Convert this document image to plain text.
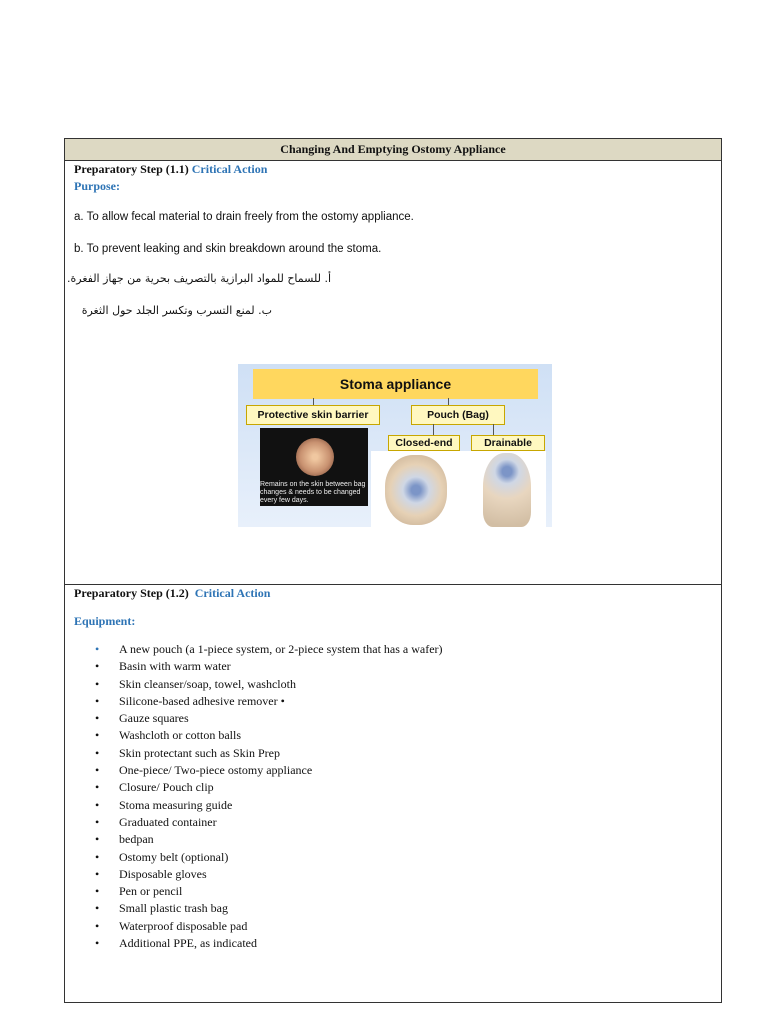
Changing And Emptying Ostomy Appliance
Preparatory Step (1.1) Critical Action
Purpose:
a. To allow fecal material to drain freely from the ostomy appliance.
b. To prevent leaking and skin breakdown around the stoma.
أ. للسماح للمواد البرازية بالتصريف بحرية من جهاز الفغرة.
ب. لمنع التسرب وتكسر الجلد حول الثغرة
Stoma appliance
Protective skin barrier	Pouch (Bag)
Closed-end	Drainable
Remains on the skin between bag changes & needs to be changed every few days.
Preparatory Step (1.2) Critical Action
Equipment:
• A new pouch (a 1-piece system, or 2-piece system that has a wafer)
• Basin with warm water
• Skin cleanser/soap, towel, washcloth
• Silicone-based adhesive remover •
• Gauze squares
• Washcloth or cotton balls
• Skin protectant such as Skin Prep
• One-piece/ Two-piece ostomy appliance
• Closure/ Pouch clip
• Stoma measuring guide
• Graduated container
• bedpan
• Ostomy belt (optional)
• Disposable gloves
• Pen or pencil
• Small plastic trash bag
• Waterproof disposable pad
• Additional PPE, as indicated
